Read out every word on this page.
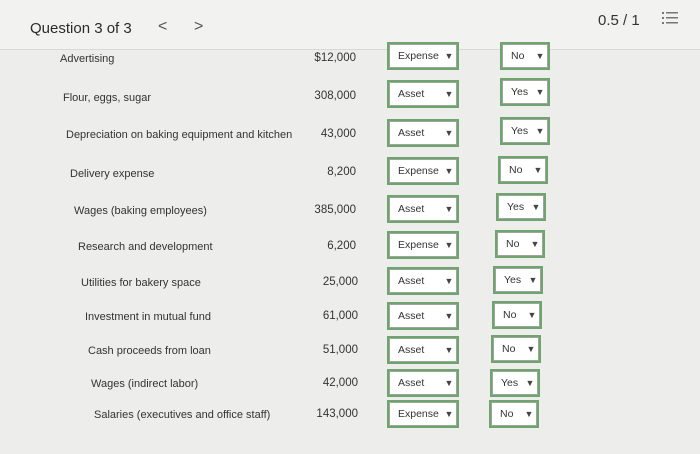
Question 3 of 3 < >	0.5 / 1
Advertising	$12,000	Expense ▼	No	▼
Flour, eggs, sugar	308,000	Asset	▼	Yes ▼
Depreciation on baking equipment and kitchen	43,000	Asset	▼	Yes ▼
Delivery expense	8,200	Expense ▼	No	▼
Wages (baking employees)	385,000	Asset	▼	Yes ▼
Research and development	6,200	Expense ▼	No	▼
Utilities for bakery space	25,000	Asset	▼	Yes ▼
Investment in mutual fund	61,000	Asset	▼	No	▼
Cash proceeds from loan	51,000	Asset	▼	No	▼
Wages (indirect labor)	42,000	Asset	▼	Yes ▼
Salaries (executives and office staff)	143,000	Expense ▼	No	▼
